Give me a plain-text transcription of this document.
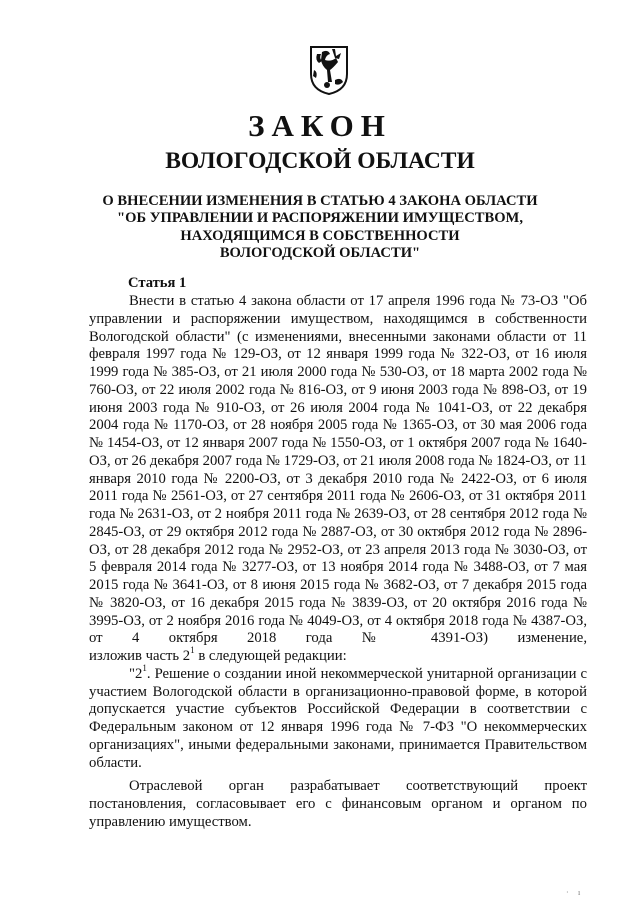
ЗАКОН
ВОЛОГОДСКОЙ ОБЛАСТИ
О ВНЕСЕНИИ ИЗМЕНЕНИЯ В СТАТЬЮ 4 ЗАКОНА ОБЛАСТИ
"ОБ УПРАВЛЕНИИ И РАСПОРЯЖЕНИИ ИМУЩЕСТВОМ,
НАХОДЯЩИМСЯ В СОБСТВЕННОСТИ
ВОЛОГОДСКОЙ ОБЛАСТИ"
Статья 1

Внести в статью 4 закона области от 17 апреля 1996 года № 73-ОЗ "Об управлении и распоряжении имуществом, находящимся в собственности Вологодской области" (с изменениями, внесенными законами области от 11 февраля 1997 года № 129-ОЗ, от 12 января 1999 года № 322-ОЗ, от 16 июля 1999 года № 385-ОЗ, от 21 июля 2000 года № 530-ОЗ, от 18 марта 2002 года № 760-ОЗ, от 22 июля 2002 года № 816-ОЗ, от 9 июня 2003 года № 898-ОЗ, от 19 июня 2003 года № 910-ОЗ, от 26 июля 2004 года № 1041-ОЗ, от 22 декабря 2004 года № 1170-ОЗ, от 28 ноября 2005 года № 1365-ОЗ, от 30 мая 2006 года № 1454-ОЗ, от 12 января 2007 года № 1550-ОЗ, от 1 октября 2007 года № 1640-ОЗ, от 26 декабря 2007 года № 1729-ОЗ, от 21 июля 2008 года № 1824-ОЗ, от 11 января 2010 года № 2200-ОЗ, от 3 декабря 2010 года № 2422-ОЗ, от 6 июля 2011 года № 2561-ОЗ, от 27 сентября 2011 года № 2606-ОЗ, от 31 октября 2011 года № 2631-ОЗ, от 2 ноября 2011 года № 2639-ОЗ, от 28 сентября 2012 года № 2845-ОЗ, от 29 октября 2012 года № 2887-ОЗ, от 30 октября 2012 года № 2896-ОЗ, от 28 декабря 2012 года № 2952-ОЗ, от 23 апреля 2013 года № 3030-ОЗ, от 5 февраля 2014 года № 3277-ОЗ, от 13 ноября 2014 года № 3488-ОЗ, от 7 мая 2015 года № 3641-ОЗ, от 8 июня 2015 года № 3682-ОЗ, от 7 декабря 2015 года № 3820-ОЗ, от 16 декабря 2015 года № 3839-ОЗ, от 20 октября 2016 года № 3995-ОЗ, от 2 ноября 2016 года № 4049-ОЗ, от 4 октября 2018 года № 4387-ОЗ, от 4 октября 2018 года № 4391-ОЗ) изменение,

изложив часть $2^1$ в следующей редакции:

"$2^1$. Решение о создании иной некоммерческой унитарной организации с участием Вологодской области в организационно-правовой форме, в которой допускается участие субъектов Российской Федерации в соответствии с Федеральным законом от 12 января 1996 года № 7-ФЗ "О некоммерческих организациях", иными федеральными законами, принимается Правительством области.

Отраслевой орган разрабатывает соответствующий проект постановления, согласовывает его с финансовым органом и органом по управлению имуществом.

· ı
